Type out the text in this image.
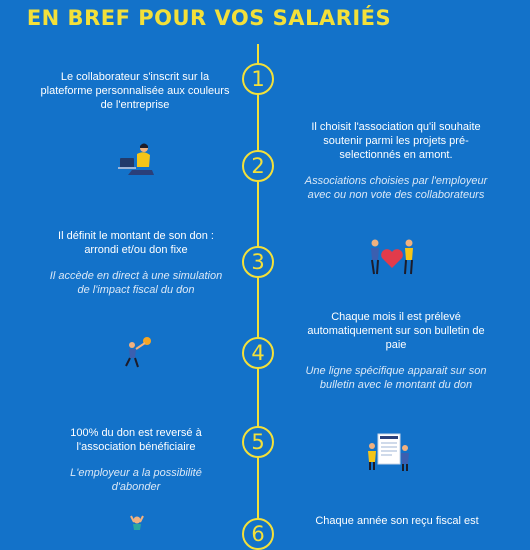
EN BREF POUR VOS SALARIÉS
Le collaborateur s'inscrit sur la plateforme personnalisée aux couleurs de l'entreprise
1
2
Il choisit l'association qu'il souhaite soutenir parmi les projets pré-selectionnés en amont.
Associations choisies par l'employeur avec ou non vote des collaborateurs
Il définit le montant de son don : arrondi et/ou don fixe
Il accède en direct à une simulation de l'impact fiscal du don
3
4
Chaque mois il est prélevé automatiquement sur son bulletin de paie
Une ligne spécifique apparait sur son bulletin avec le montant du don
100% du don est reversé à l'association bénéficiaire
L'employeur a la possibilité d'abonder
5
6
Chaque année son reçu fiscal est
